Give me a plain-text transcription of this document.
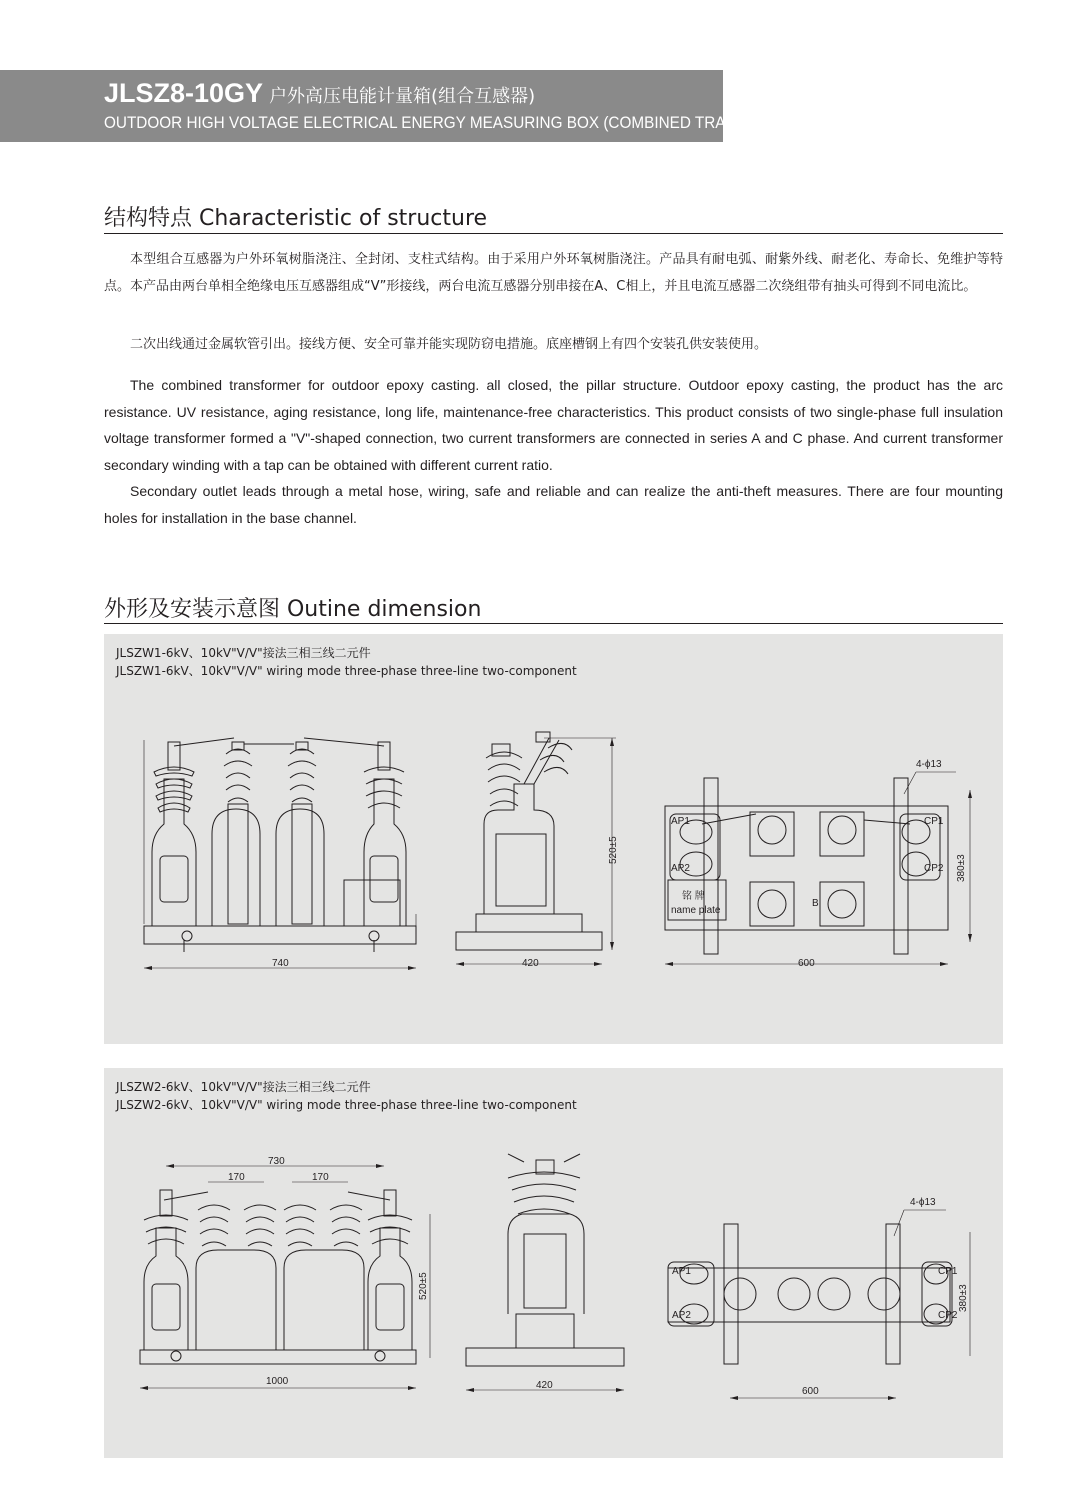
JLSZ8-10GY 户外高压电能计量箱(组合互感器)
OUTDOOR HIGH VOLTAGE ELECTRICAL ENERGY MEASURING BOX (COMBINED TRANSFORMER)
结构特点 Characteristic of structure

本型组合互感器为户外环氧树脂浇注、全封闭、支柱式结构。由于采用户外环氧树脂浇注。产品具有耐电弧、耐紫外线、耐老化、寿命长、免维护等特点。本产品由两台单相全绝缘电压互感器组成“V”形接线，两台电流互感器分别串接在A、C相上，并且电流互感器二次绕组带有抽头可得到不同电流比。

二次出线通过金属软管引出。接线方便、安全可靠并能实现防窃电措施。底座槽钢上有四个安装孔供安装使用。

The combined transformer for outdoor epoxy casting. all closed, the pillar structure. Outdoor epoxy casting, the product has the arc resistance. UV resistance, aging resistance, long life, maintenance-free characteristics. This product consists of two single-phase full insulation voltage transformer formed a "V"-shaped connection, two current transformers are connected in series A and C phase. And current transformer secondary winding with a tap can be obtained with different current ratio.

Secondary outlet leads through a metal hose, wiring, safe and reliable and can realize the anti-theft measures. There are four mounting holes for installation in the base channel.

外形及安装示意图 Outine dimension
JLSZW1-6kV、10kV"V/V"接法三相三线二元件
JLSZW1-6kV、10kV"V/V" wiring mode three-phase three-line two-component
740	420
520±5
600
380±3
4-ϕ13
AP1
AP2
CP1
CP2
B
铭 牌
name plate
JLSZW2-6kV、10kV"V/V"接法三相三线二元件
JLSZW2-6kV、10kV"V/V" wiring mode three-phase three-line two-component
730
170	170
1000
520±5
420
600
380±3
4-ϕ13
AP1
AP2
CP1
CP2
